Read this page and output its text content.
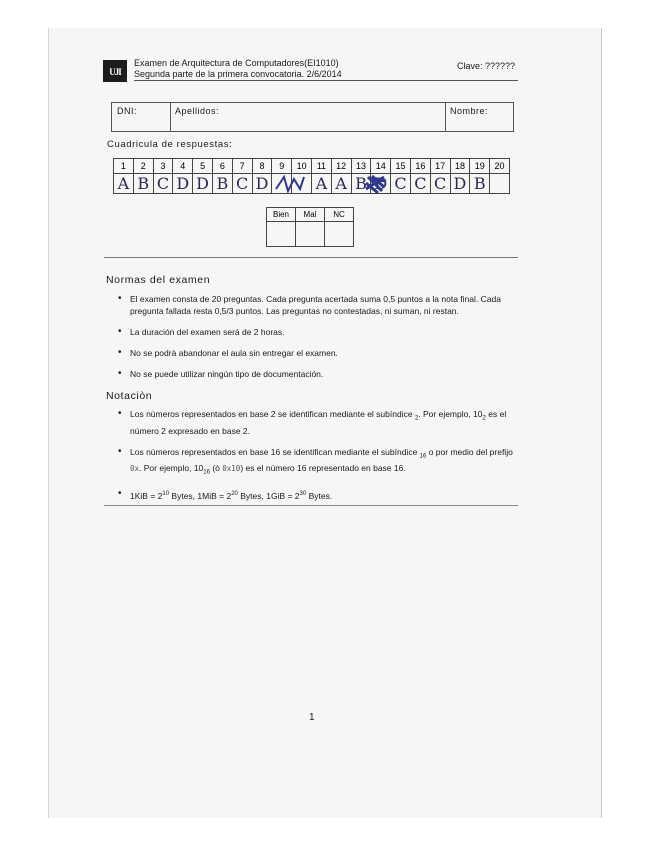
UJI
Examen de Arquitectura de Computadores(EI1010)
Segunda parte de la primera convocatoria. 2/6/2014
Clave: ??????
DNI:	Apellidos:	Nombre:
Cuadricula de respuestas:
1	2	3	4	5	6	7	8	9	10	11	12	13	14	15	16	17	18	19	20
A	B	C	D	D	B	C	D			A	A	B	D	C	C	C	D	B	
Bien	Mal	NC

Normas del examen
• El examen consta de 20 preguntas. Cada pregunta acertada suma 0,5 puntos a la nota final. Cada pregunta fallada resta 0,5/3 puntos. Las preguntas no contestadas, ni suman, ni restan.
• La duración del examen será de 2 horas.
• No se podrà abandonar el aula sin entregar el examen.
• No se puede utilizar ningún tipo de documentación.
Notaciòn
• Los números representados en base 2 se identifican mediante el subíndice $_2$. Por ejemplo, $10_2$ es el número 2 expresado en base 2.
• Los números representados en base 16 se identifican mediante el subíndice $_{16}$ o por medio del prefijo 0x. Por ejemplo, $10_{16}$ (ò 0x10) es el número 16 representado en base 16.
• $1KiB = 2^{10}$ Bytes, $1MiB = 2^{20}$ Bytes, $1GiB = 2^{30}$ Bytes.
1
